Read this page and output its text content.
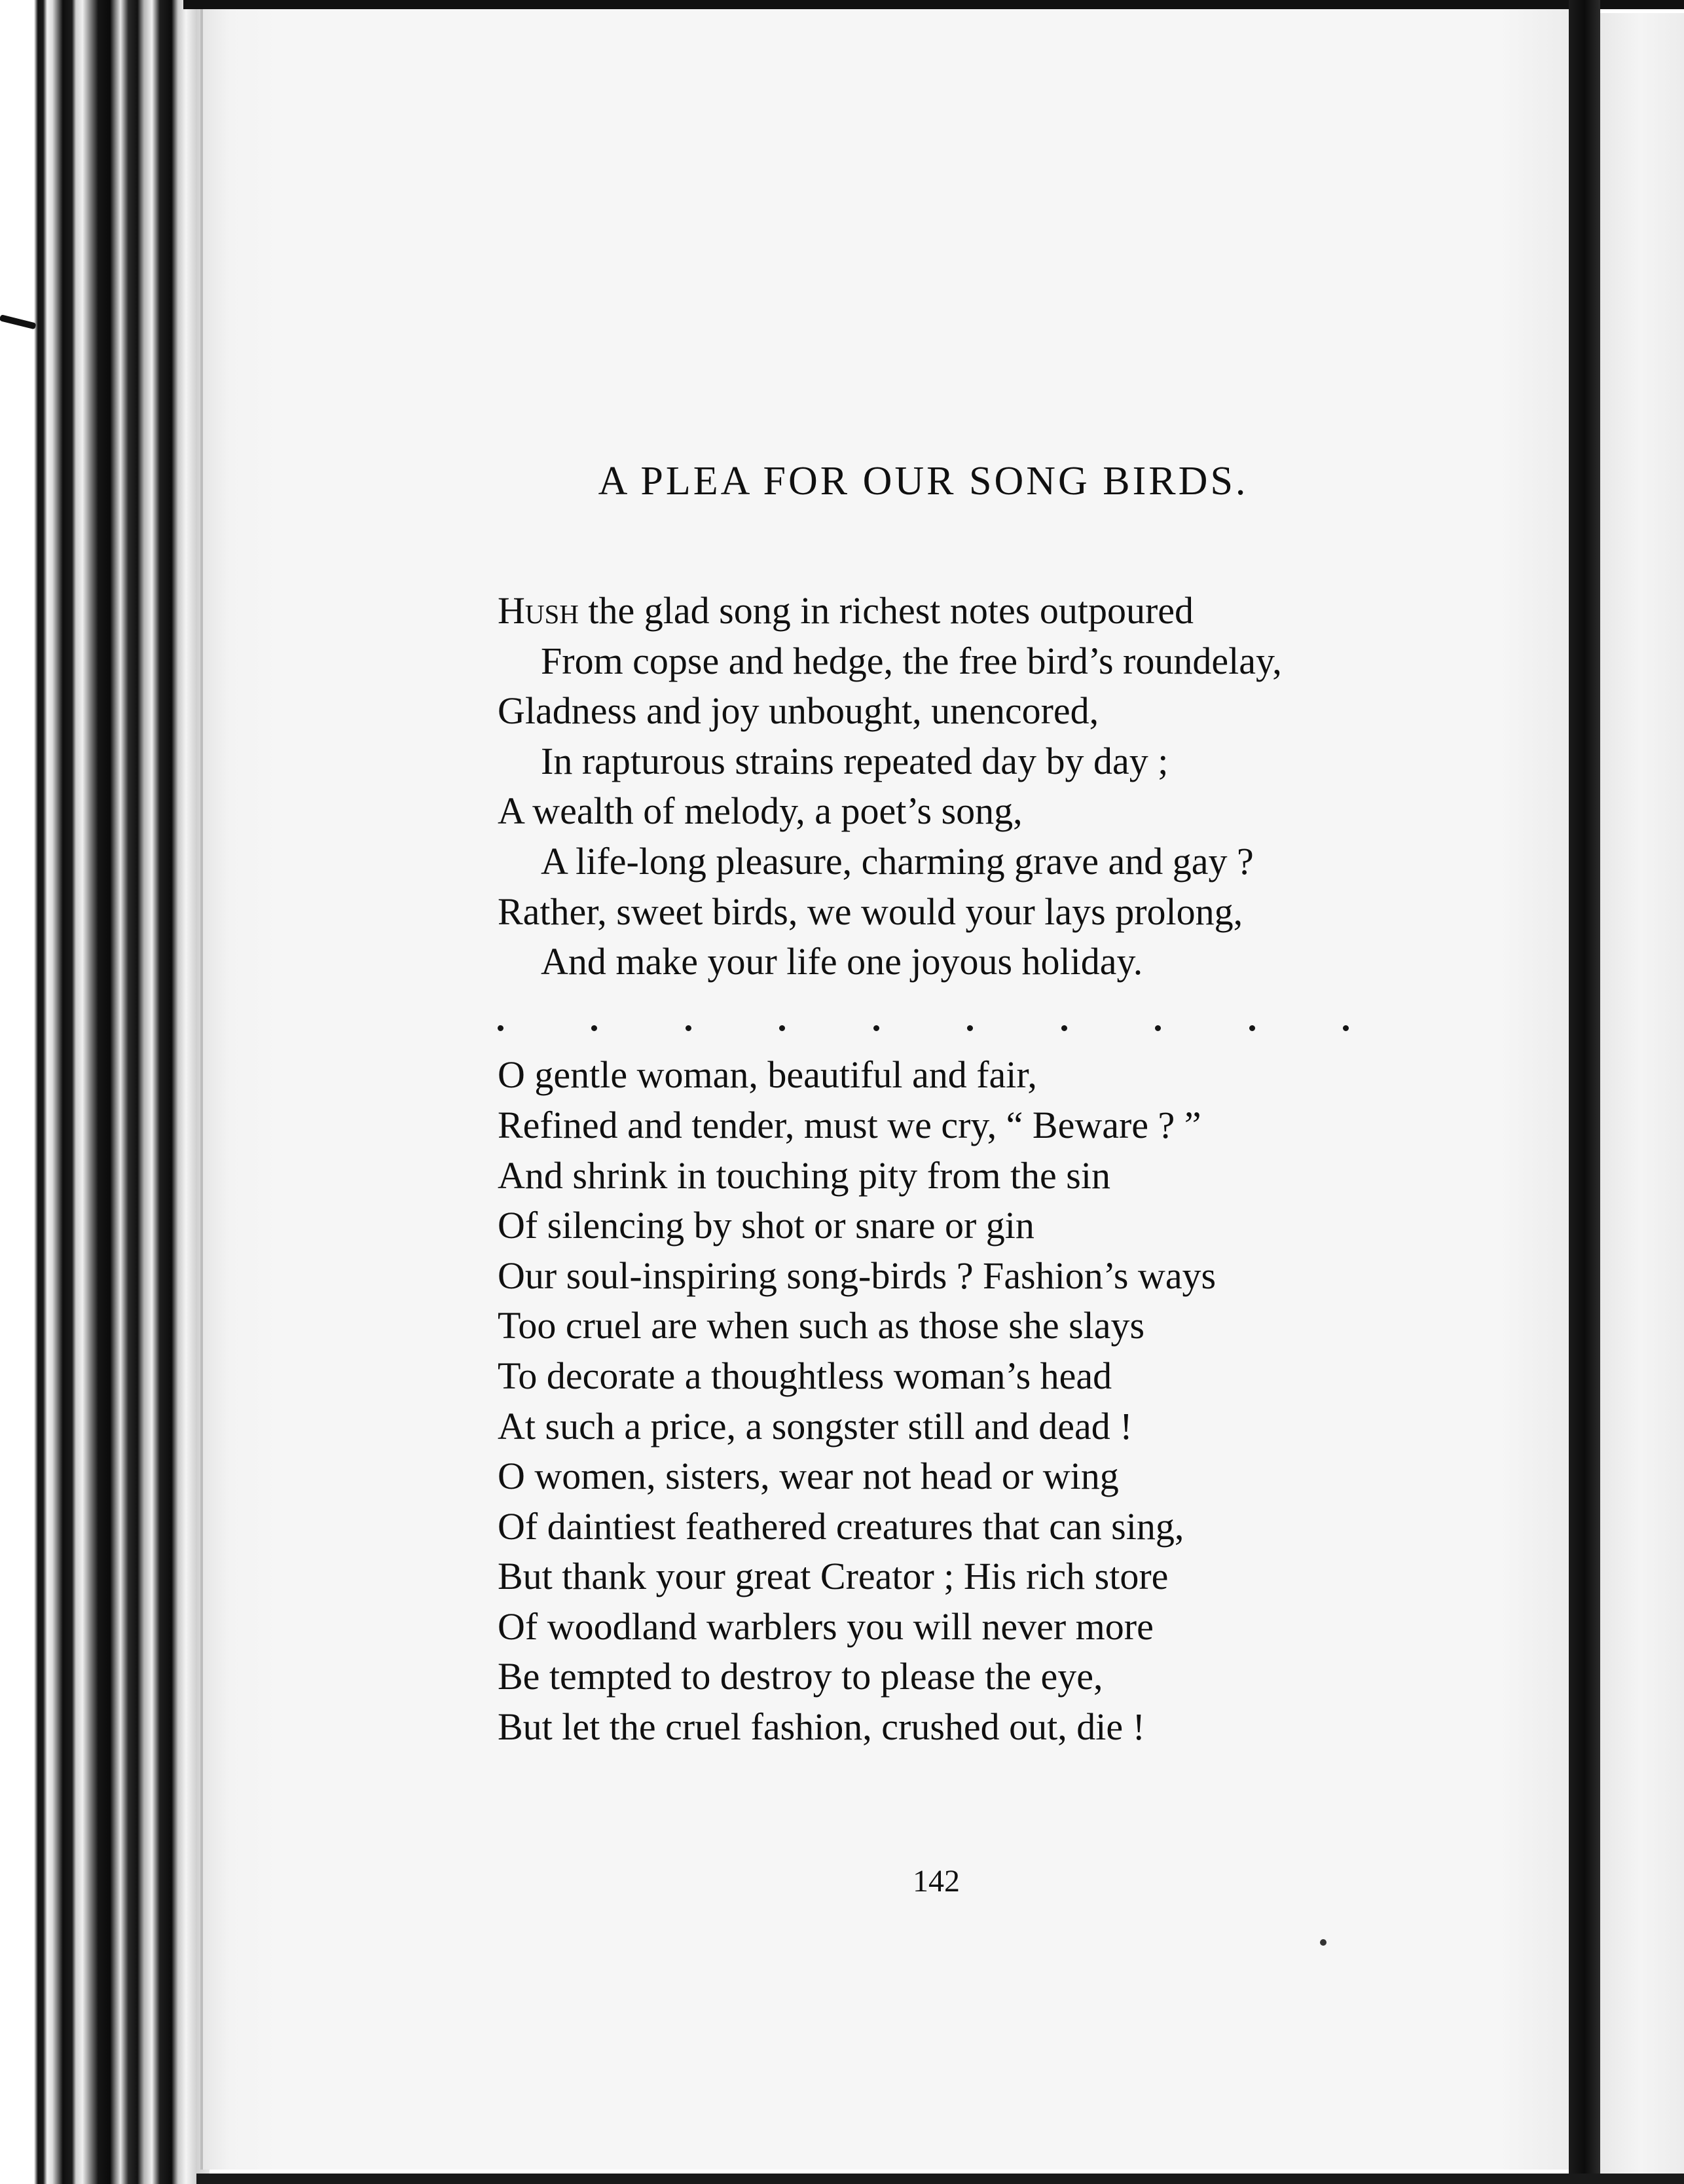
A PLEA FOR OUR SONG BIRDS.
Hush the glad song in richest notes outpoured
From copse and hedge, the free bird’s roundelay,
Gladness and joy unbought, unencored,
In rapturous strains repeated day by day ;
A wealth of melody, a poet’s song,
A life-long pleasure, charming grave and gay ?
Rather, sweet birds, we would your lays prolong,
And make your life one joyous holiday.
O gentle woman, beautiful and fair,
Refined and tender, must we cry, “ Beware ? ”
And shrink in touching pity from the sin
Of silencing by shot or snare or gin
Our soul-inspiring song-birds ? Fashion’s ways
Too cruel are when such as those she slays
To decorate a thoughtless woman’s head
At such a price, a songster still and dead !
O women, sisters, wear not head or wing
Of daintiest feathered creatures that can sing,
But thank your great Creator ; His rich store
Of woodland warblers you will never more
Be tempted to destroy to please the eye,
But let the cruel fashion, crushed out, die !
142
